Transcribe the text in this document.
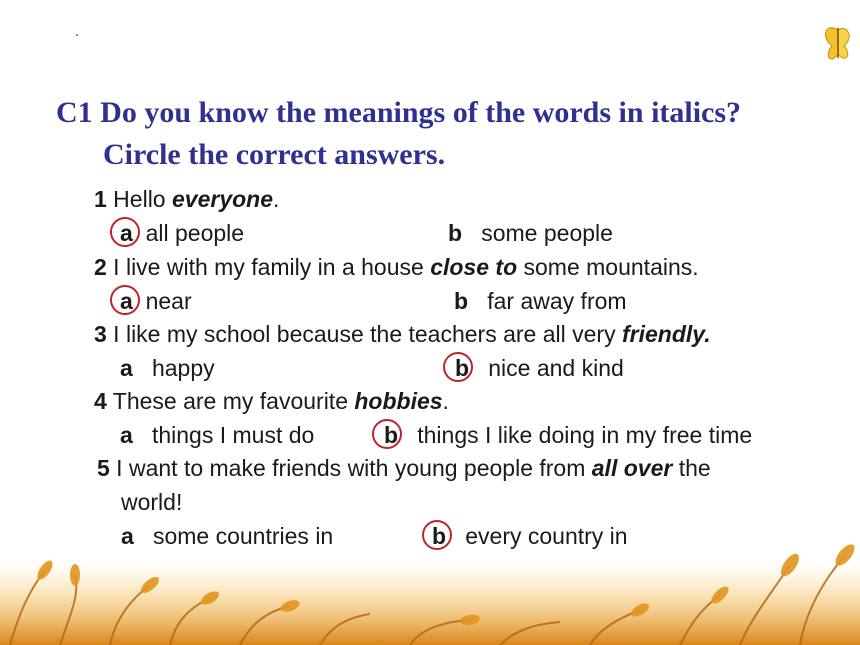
C1 Do you know the meanings of the words in italics?
Circle the correct answers.
1 Hello everyone.
a all people	b some people
2 I live with my family in a house close to some mountains.
a near	b far away from
3 I like my school because the teachers are all very friendly.
a happy	b nice and kind
4 These are my favourite hobbies.
a things I must do	b things I like doing in my free time
5 I want to make friends with young people from all over the
world!
a some countries in	b every country in
